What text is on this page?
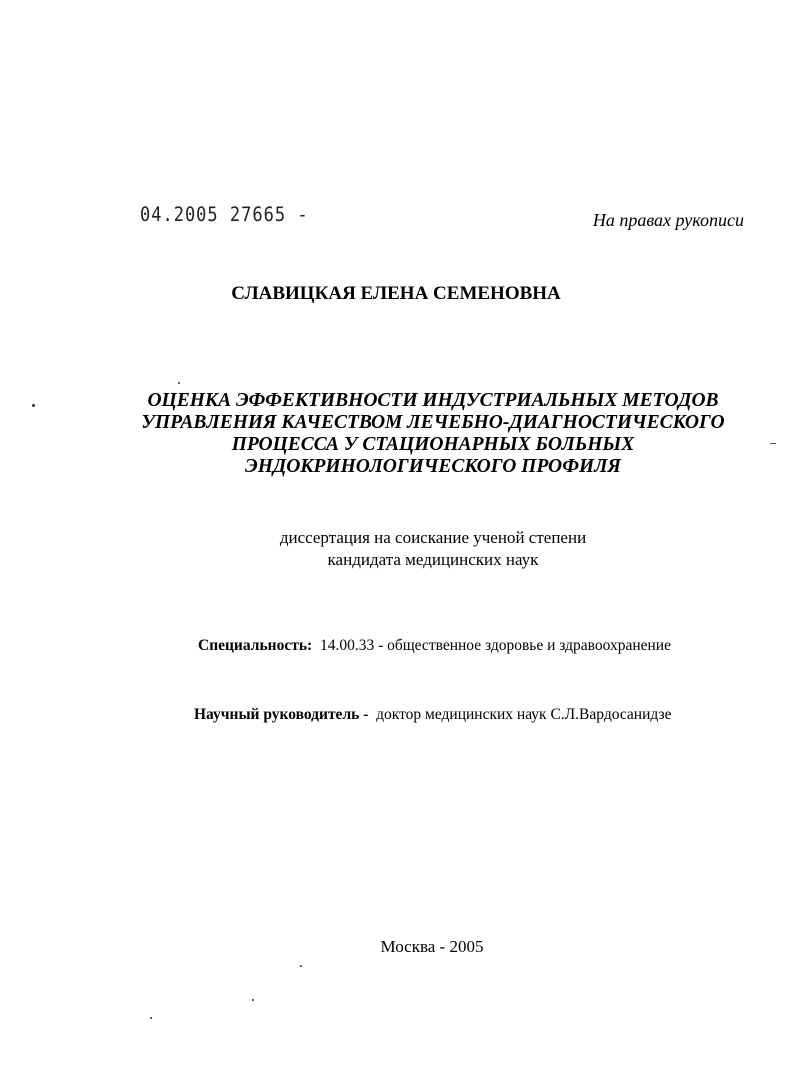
04.2005 27665 -	На правах рукописи
СЛАВИЦКАЯ ЕЛЕНА СЕМЕНОВНА
ОЦЕНКА ЭФФЕКТИВНОСТИ ИНДУСТРИАЛЬНЫХ МЕТОДОВ
УПРАВЛЕНИЯ КАЧЕСТВОМ ЛЕЧЕБНО-ДИАГНОСТИЧЕСКОГО
ПРОЦЕССА У СТАЦИОНАРНЫХ БОЛЬНЫХ
ЭНДОКРИНОЛОГИЧЕСКОГО ПРОФИЛЯ
диссертация на соискание ученой степени
кандидата медицинских наук
Специальность: 14.00.33 - общественное здоровье и здравоохранение
Научный руководитель - доктор медицинских наук С.Л.Вардосанидзе
Москва - 2005
